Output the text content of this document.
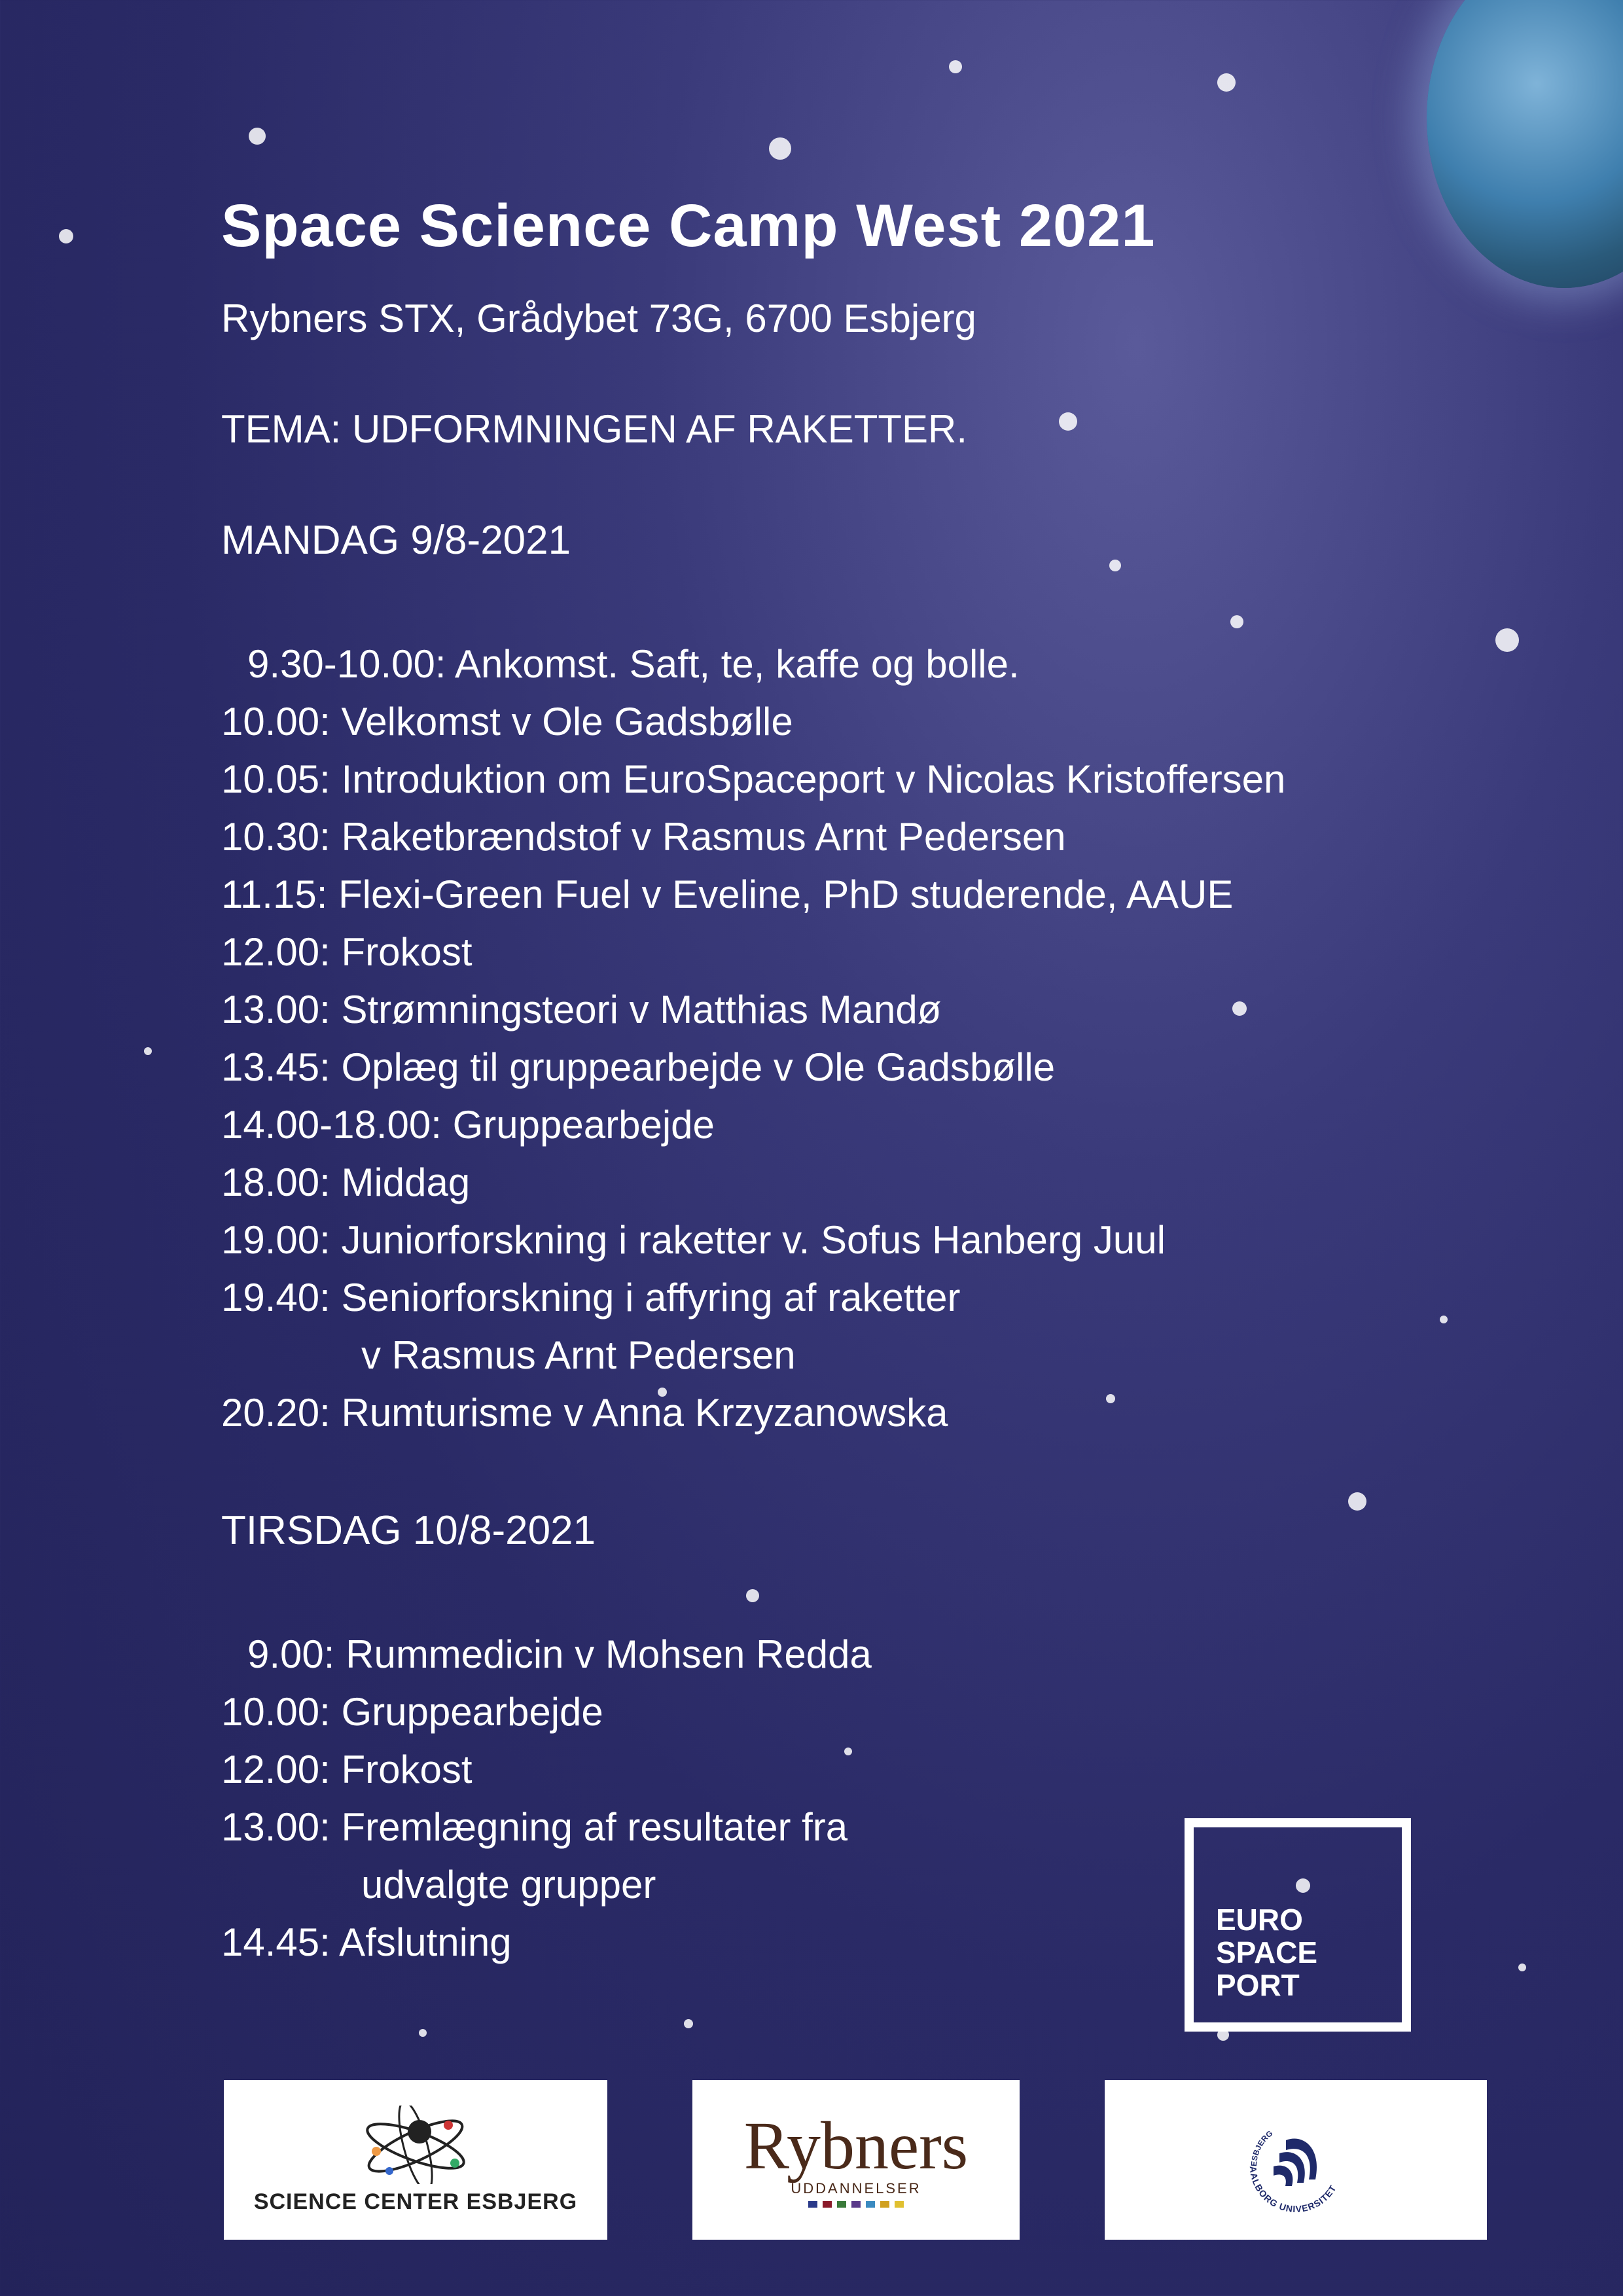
Space Science Camp West 2021
Rybners STX, Grådybet 73G, 6700 Esbjerg
TEMA: UDFORMNINGEN AF RAKETTER.
MANDAG 9/8-2021
9.30-10.00: Ankomst. Saft, te, kaffe og bolle.
10.00: Velkomst v Ole Gadsbølle
10.05: Introduktion om EuroSpaceport v Nicolas Kristoffersen
10.30: Raketbrændstof v Rasmus Arnt Pedersen
11.15: Flexi-Green Fuel v Eveline, PhD studerende, AAUE
12.00: Frokost
13.00: Strømningsteori v Matthias Mandø
13.45: Oplæg til gruppearbejde v Ole Gadsbølle
14.00-18.00: Gruppearbejde
18.00: Middag
19.00: Juniorforskning i raketter v. Sofus Hanberg Juul
19.40: Seniorforskning i affyring af raketter
v Rasmus Arnt Pedersen
20.20: Rumturisme v Anna Krzyzanowska
TIRSDAG 10/8-2021
9.00: Rummedicin v Mohsen Redda
10.00: Gruppearbejde
12.00: Frokost
13.00: Fremlægning af resultater fra
udvalgte grupper
14.45: Afslutning
EURO
SPACE
PORT
SCIENCE CENTER ESBJERG
Rybners
UDDANNELSER
ESBJERG
AALBORG UNIVERSITET
